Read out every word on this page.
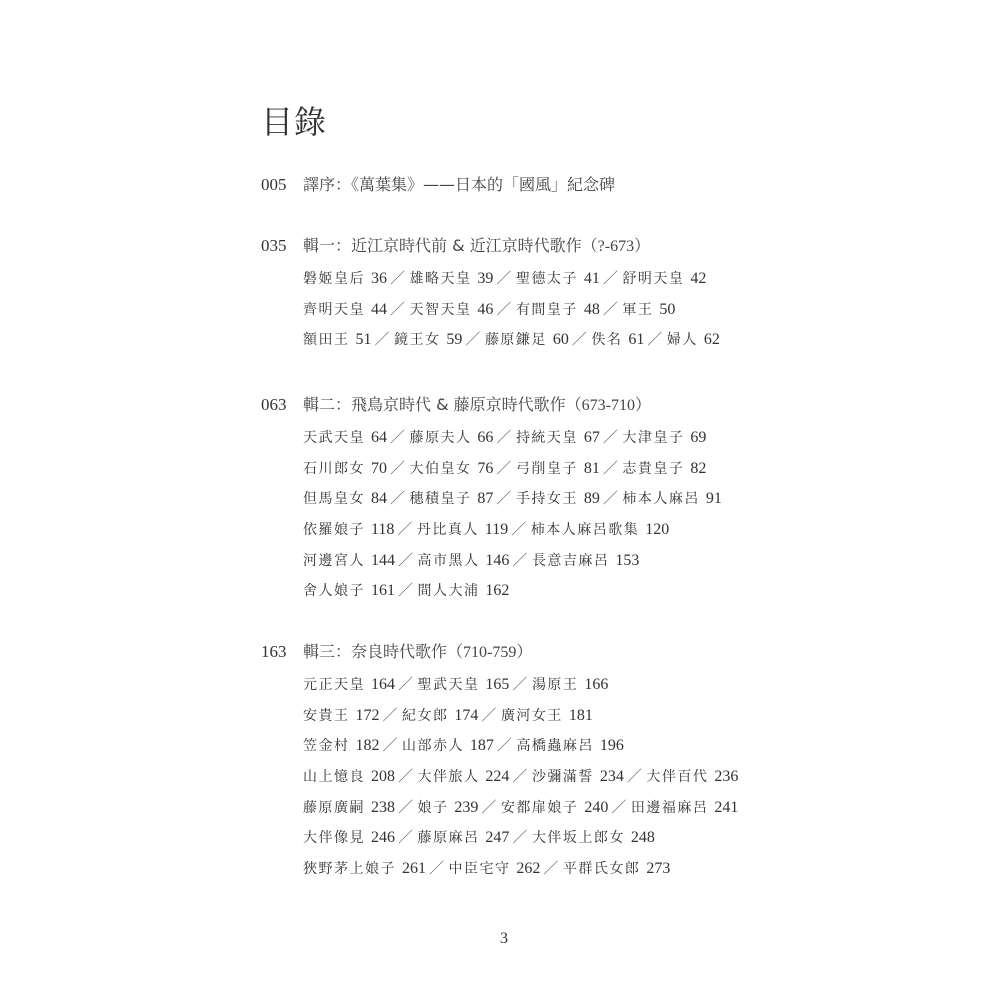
目錄
005	譯序：《萬葉集》——日本的「國風」紀念碑
035	輯一：近江京時代前 & 近江京時代歌作（?-673）
磐姬皇后 36 ／ 雄略天皇 39 ／ 聖德太子 41 ／ 舒明天皇 42
齊明天皇 44 ／ 天智天皇 46 ／ 有間皇子 48 ／ 軍王 50
額田王 51 ／ 鏡王女 59 ／ 藤原鎌足 60 ／ 佚名 61 ／ 婦人 62
063	輯二：飛鳥京時代 & 藤原京時代歌作（673-710）
天武天皇 64 ／ 藤原夫人 66 ／ 持統天皇 67 ／ 大津皇子 69
石川郎女 70 ／ 大伯皇女 76 ／ 弓削皇子 81 ／ 志貴皇子 82
但馬皇女 84 ／ 穗積皇子 87 ／ 手持女王 89 ／ 柿本人麻呂 91
依羅娘子 118 ／ 丹比真人 119 ／ 柿本人麻呂歌集 120
河邊宮人 144 ／ 高市黑人 146 ／ 長意吉麻呂 153
舍人娘子 161 ／ 間人大浦 162
163	輯三：奈良時代歌作（710-759）
元正天皇 164 ／ 聖武天皇 165 ／ 湯原王 166
安貴王 172 ／ 紀女郎 174 ／ 廣河女王 181
笠金村 182 ／ 山部赤人 187 ／ 高橋蟲麻呂 196
山上憶良 208 ／ 大伴旅人 224 ／ 沙彌滿誓 234 ／ 大伴百代 236
藤原廣嗣 238 ／ 娘子 239 ／ 安都扉娘子 240 ／ 田邊福麻呂 241
大伴像見 246 ／ 藤原麻呂 247 ／ 大伴坂上郎女 248
狹野茅上娘子 261 ／ 中臣宅守 262 ／ 平群氏女郎 273
3
